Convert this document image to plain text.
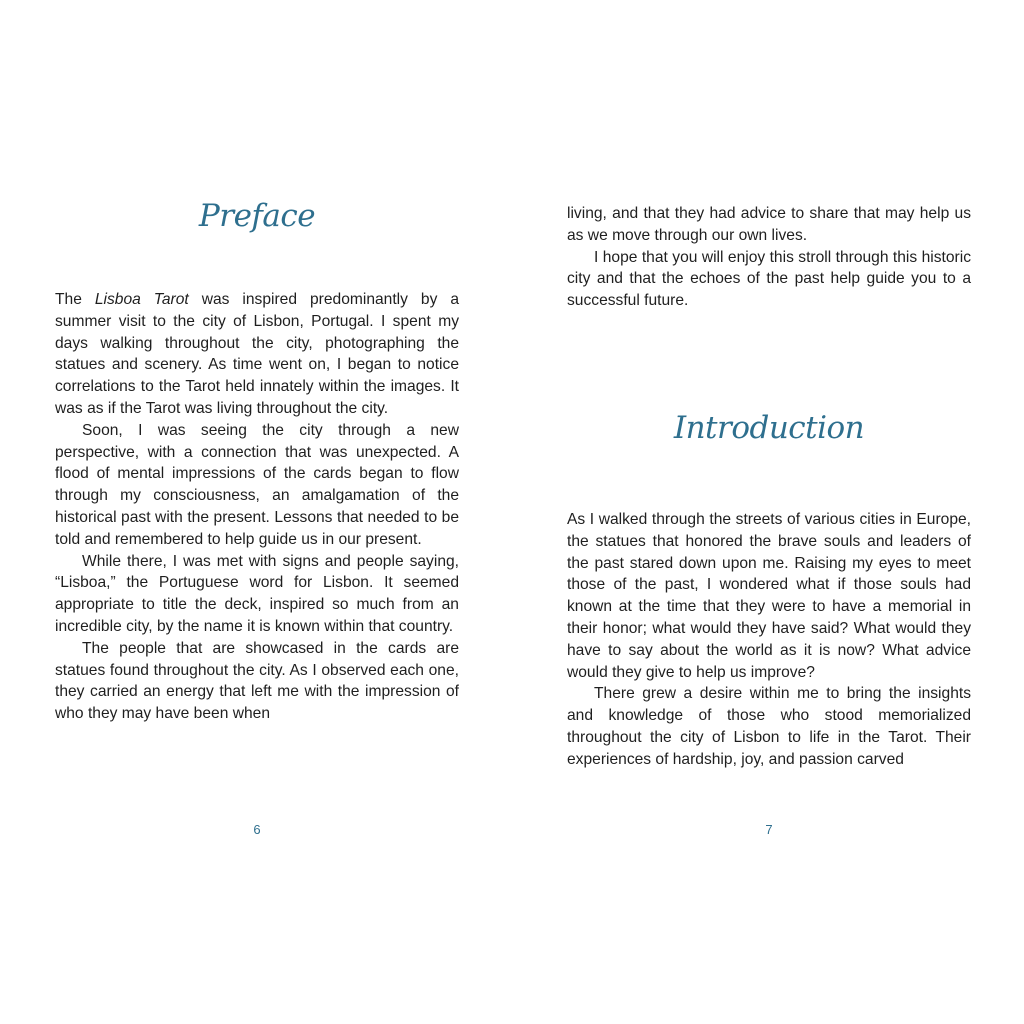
Preface

The Lisboa Tarot was inspired predominantly by a summer visit to the city of Lisbon, Portugal. I spent my days walking throughout the city, photographing the statues and scenery. As time went on, I began to notice correlations to the Tarot held innately within the images. It was as if the Tarot was living throughout the city.

Soon, I was seeing the city through a new perspective, with a connection that was unexpected. A flood of mental impressions of the cards began to flow through my consciousness, an amalgamation of the historical past with the present. Lessons that needed to be told and remembered to help guide us in our present.

While there, I was met with signs and people saying, “Lisboa,” the Portuguese word for Lisbon. It seemed appropriate to title the deck, inspired so much from an incredible city, by the name it is known within that country.

The people that are showcased in the cards are statues found throughout the city. As I observed each one, they carried an energy that left me with the impression of who they may have been when

6

living, and that they had advice to share that may help us as we move through our own lives.

I hope that you will enjoy this stroll through this historic city and that the echoes of the past help guide you to a successful future.

Introduction

As I walked through the streets of various cities in Europe, the statues that honored the brave souls and leaders of the past stared down upon me. Raising my eyes to meet those of the past, I wondered what if those souls had known at the time that they were to have a memorial in their honor; what would they have said? What would they have to say about the world as it is now? What advice would they give to help us improve?

There grew a desire within me to bring the insights and knowledge of those who stood memorialized throughout the city of Lisbon to life in the Tarot. Their experiences of hardship, joy, and passion carved

7
